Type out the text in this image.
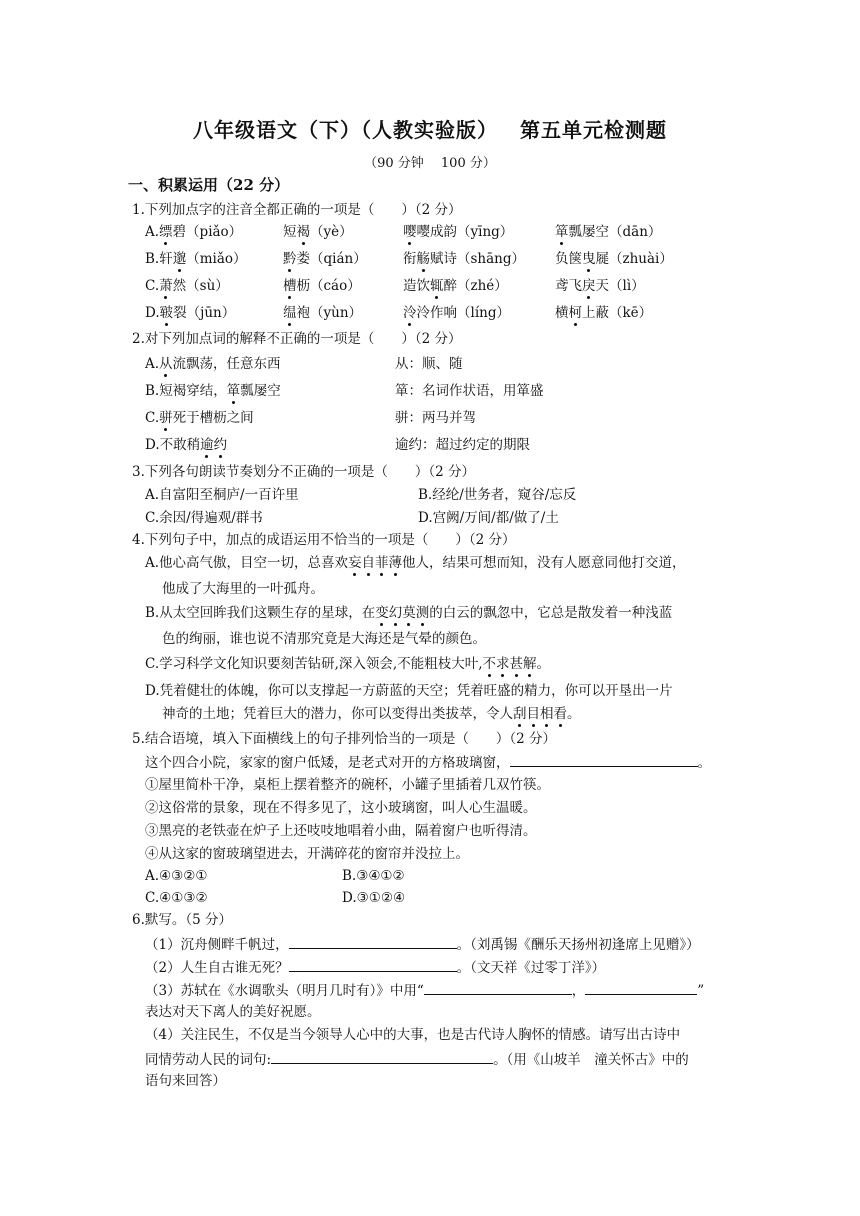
八年级语文（下）（人教实验版） 第五单元检测题
（90 分钟　 100 分）
一、积累运用（22 分）
1.下列加点字的注音全都正确的一项是（　　）（2 分）
A.缥碧（piǎo）	短褐（yè）	嘤嘤成韵（yīng）	箪瓢屡空（dān）
B.轩邈（miǎo）	黔娄（qián）	衔觞赋诗（shāng） 负箧曳屣（zhuài）
C.萧然（sù）	槽枥（cáo）	造饮辄醉（zhé）	鸢飞戾天（lì）
D.皲裂（jūn）	缊袍（yùn）	泠泠作响（líng）	横柯上蔽（kē）
2.对下列加点词的解释不正确的一项是（　　）（2 分）
A.从流飘荡，任意东西	从：顺、随
B.短褐穿结，箪瓢屡空	箪：名词作状语，用箪盛
C.骈死于槽枥之间	骈：两马并驾
D.不敢稍逾约	逾约：超过约定的期限
3.下列各句朗读节奏划分不正确的一项是（　　）（2 分）
A.自富阳至桐庐/一百许里	B.经纶/世务者，窥谷/忘反
C.余因/得遍观/群书	D.宫阙/万间/都/做了/土
4.下列句子中，加点的成语运用不恰当的一项是（　　）（2 分）
A.他心高气傲，目空一切，总喜欢妄自菲薄他人，结果可想而知，没有人愿意同他打交道，
他成了大海里的一叶孤舟。
B.从太空回眸我们这颗生存的星球，在变幻莫测的白云的飘忽中，它总是散发着一种浅蓝
色的绚丽，谁也说不清那究竟是大海还是气晕的颜色。
C.学习科学文化知识要刻苦钻研,深入领会,不能粗枝大叶,不求甚解。
D.凭着健壮的体魄，你可以支撑起一方蔚蓝的天空；凭着旺盛的精力，你可以开垦出一片
神奇的土地；凭着巨大的潜力，你可以变得出类拔萃，令人刮目相看。
5.结合语境，填入下面横线上的句子排列恰当的一项是（　　）（2 分）
这个四合小院，家家的窗户低矮，是老式对开的方格玻璃窗，	。
①屋里简朴干净，桌柜上摆着整齐的碗杯，小罐子里插着几双竹筷。
②这俗常的景象，现在不得多见了，这小玻璃窗，叫人心生温暖。
③黑亮的老铁壶在炉子上还吱吱地唱着小曲，隔着窗户也听得清。
④从这家的窗玻璃望进去，开满碎花的窗帘并没拉上。
A.④③②①	B.③④①②
C.④①③②	D.③①②④
6.默写。（5 分）
（1）沉舟侧畔千帆过，	。（刘禹锡《酬乐天扬州初逢席上见赠》）
（2）人生自古谁无死？	。（文天祥《过零丁洋》）
（3）苏轼在《水调歌头（明月几时有）》中用“	，	”
表达对天下离人的美好祝愿。
（4）关注民生，不仅是当今领导人心中的大事，也是古代诗人胸怀的情感。请写出古诗中
同情劳动人民的词句:	。（用《山坡羊　潼关怀古》中的
语句来回答）
